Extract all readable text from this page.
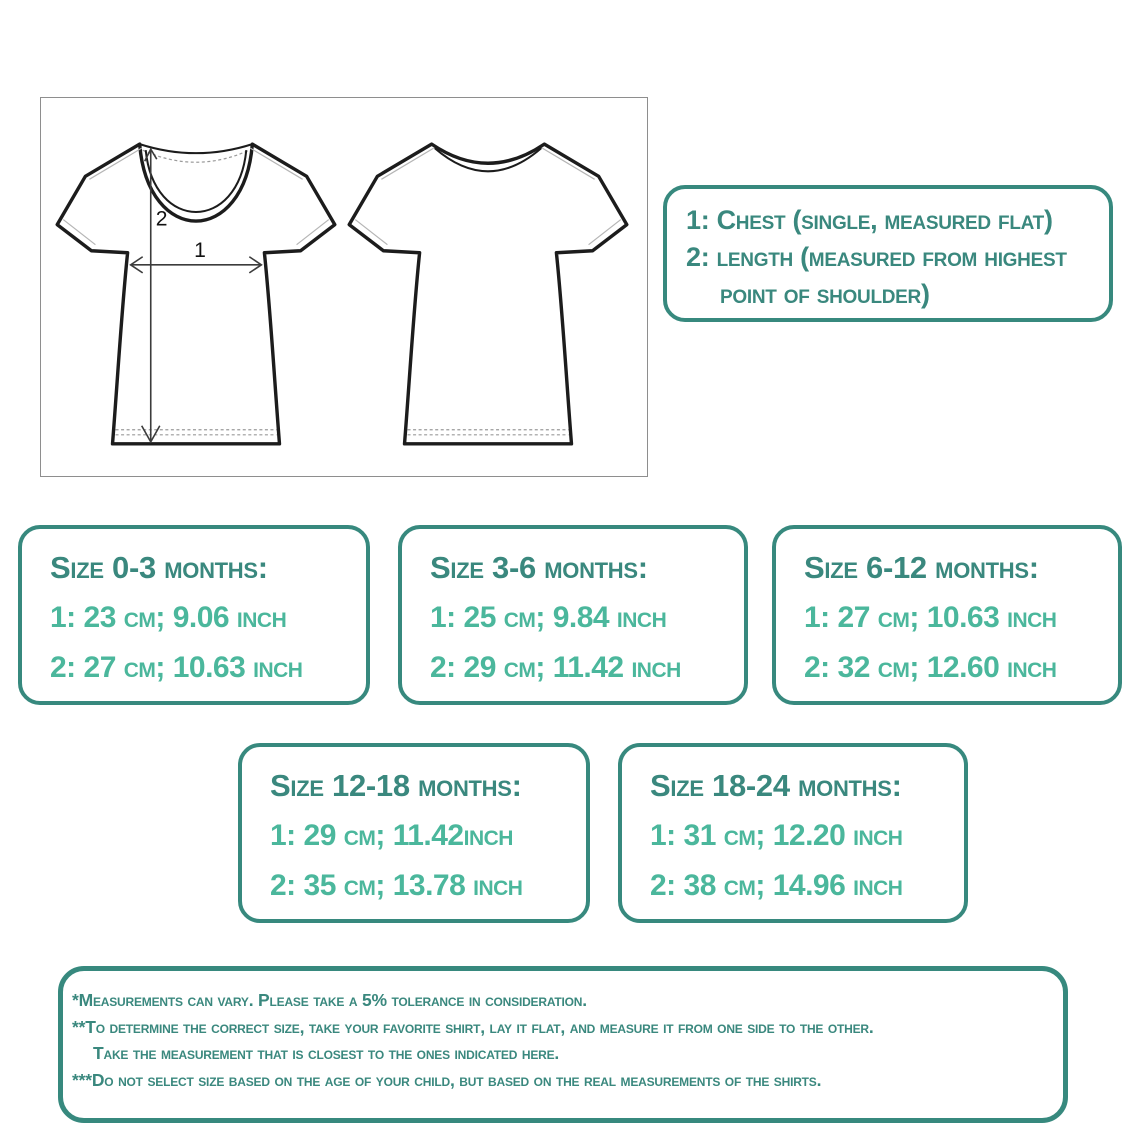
2
1
1: Chest (single, measured flat)
2: length (measured from highest
point of shoulder)
Size 0-3 months:
1: 23 cm; 9.06 inch
2: 27 cm; 10.63 inch
Size 3-6 months:
1: 25 cm; 9.84 inch
2: 29 cm; 11.42 inch
Size 6-12 months:
1: 27 cm; 10.63 inch
2: 32 cm; 12.60 inch
Size 12-18 months:
1: 29 cm; 11.42inch
2: 35 cm; 13.78 inch
Size 18-24 months:
1: 31 cm; 12.20 inch
2: 38 cm; 14.96 inch
*Measurements can vary. Please take a 5% tolerance in consideration.
**To determine the correct size, take your favorite shirt, lay it flat, and measure it from one side to the other.
Take the measurement that is closest to the ones indicated here.
***Do not select size based on the age of your child, but based on the real measurements of the shirts.
